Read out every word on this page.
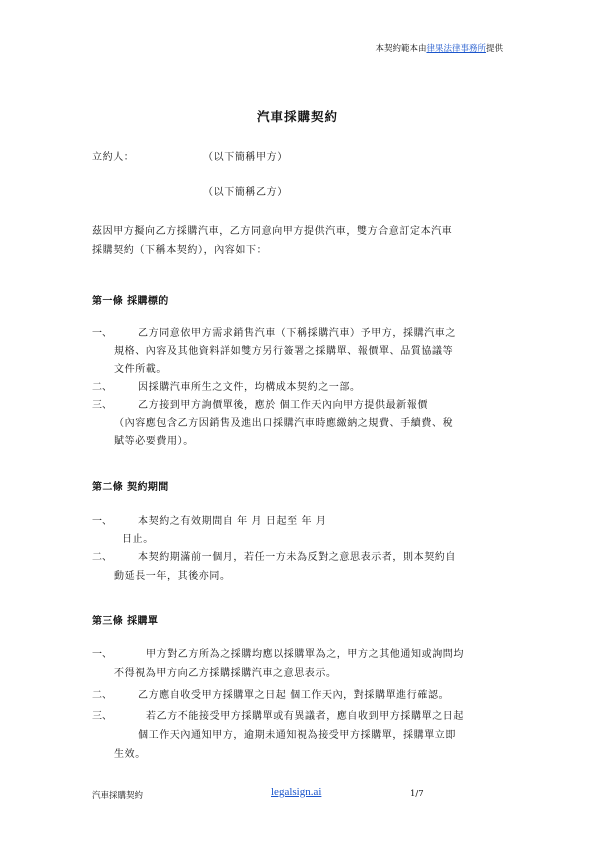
本契約範本由律果法律事務所提供
汽車採購契約
立約人：	（以下簡稱甲方）
（以下簡稱乙方）
茲因甲方擬向乙方採購汽車，乙方同意向甲方提供汽車，雙方合意訂定本汽車
採購契約（下稱本契約），內容如下：
第一條 採購標的
一、	乙方同意依甲方需求銷售汽車（下稱採購汽車）予甲方，採購汽車之
規格、內容及其他資料詳如雙方另行簽署之採購單、報價單、品質協議等
文件所載。
二、	因採購汽車所生之文件，均構成本契約之一部。
三、	乙方接到甲方詢價單後，應於 個工作天內向甲方提供最新報價
（內容應包含乙方因銷售及進出口採購汽車時應繳納之規費、手續費、稅
賦等必要費用）。
第二條 契約期間
一、	本契約之有效期間自 年 月 日起至 年 月
日止。
二、	本契約期滿前一個月，若任一方未為反對之意思表示者，則本契約自
動延長一年，其後亦同。
第三條 採購單
一、	甲方對乙方所為之採購均應以採購單為之，甲方之其他通知或詢問均
不得視為甲方向乙方採購採購汽車之意思表示。
二、	乙方應自收受甲方採購單之日起 個工作天內，對採購單進行確認。
三、	若乙方不能接受甲方採購單或有異議者，應自收到甲方採購單之日起
個工作天內通知甲方，逾期未通知視為接受甲方採購單，採購單立即
生效。
汽車採購契約	legalsign.ai	1/7
